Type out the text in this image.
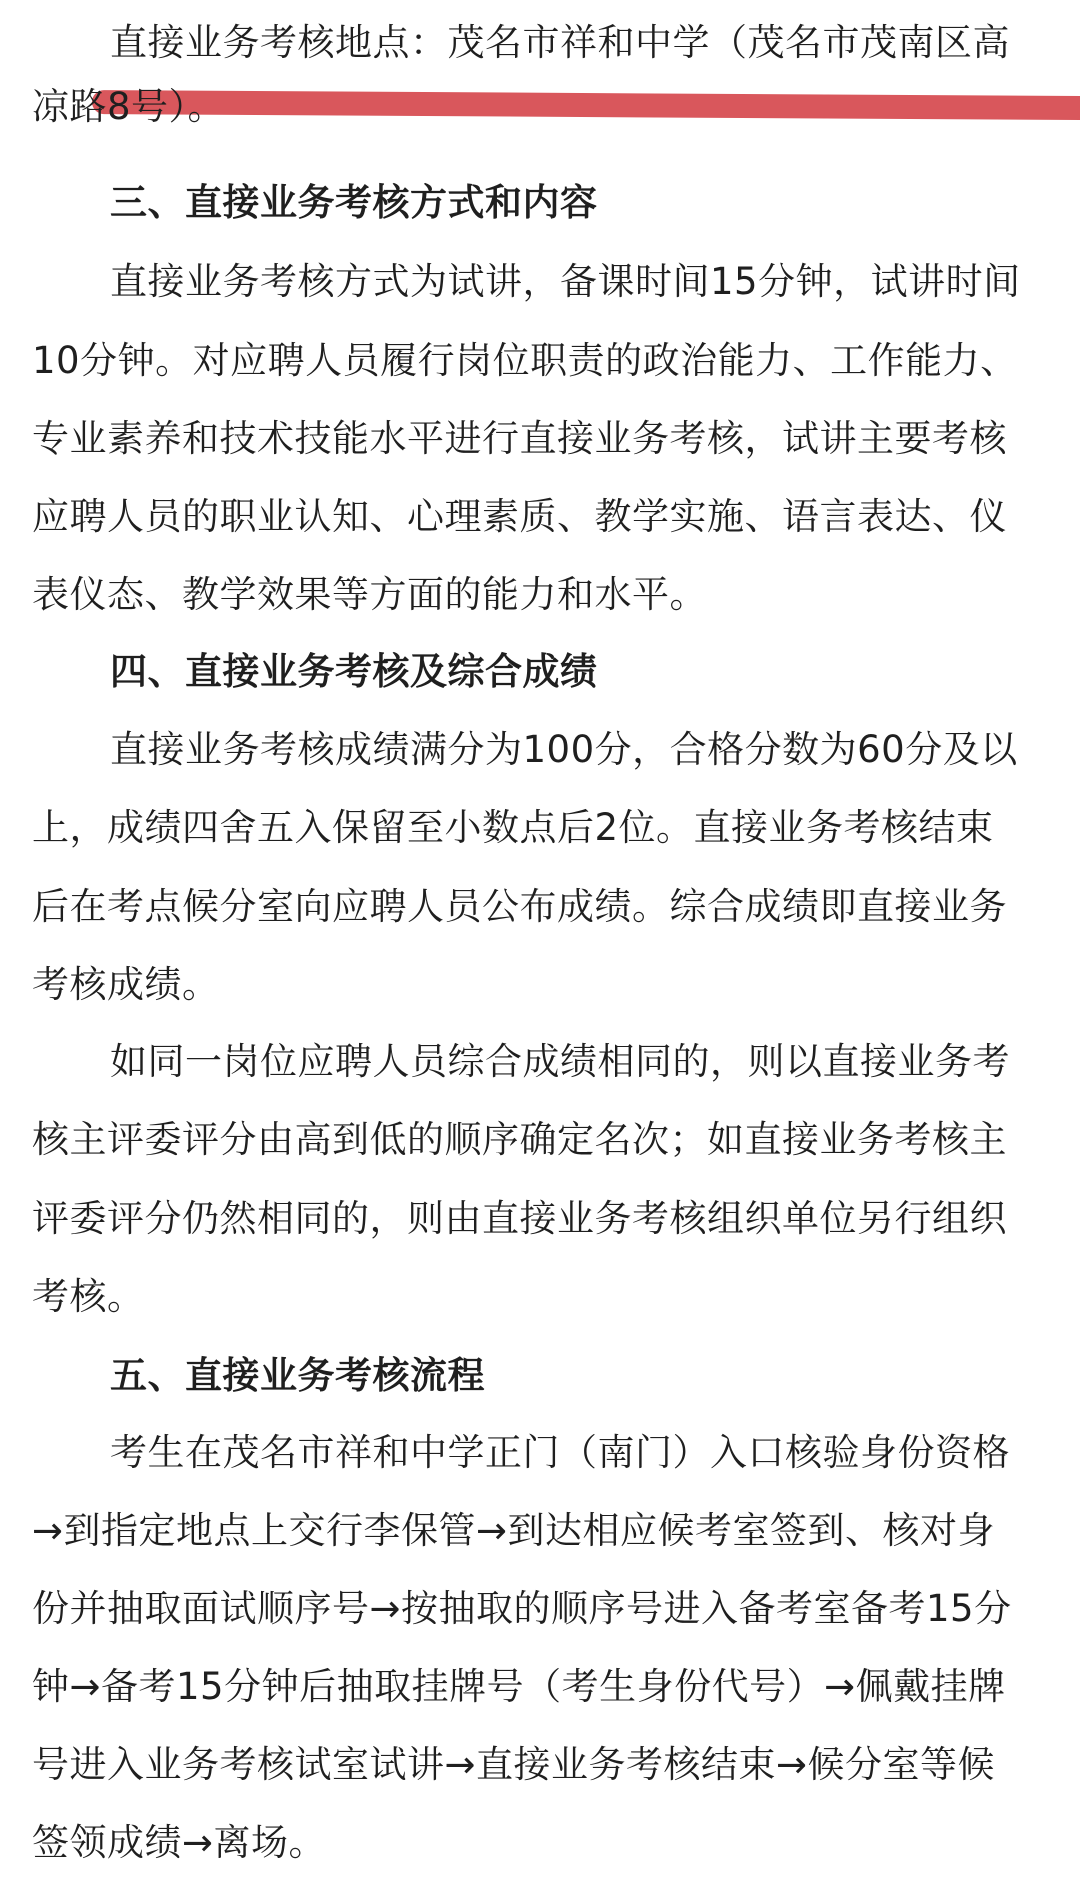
直接业务考核地点：茂名市祥和中学（茂名市茂南区高
凉路8号）。
三、直接业务考核方式和内容
直接业务考核方式为试讲，备课时间15分钟，试讲时间
10分钟。对应聘人员履行岗位职责的政治能力、工作能力、
专业素养和技术技能水平进行直接业务考核，试讲主要考核
应聘人员的职业认知、心理素质、教学实施、语言表达、仪
表仪态、教学效果等方面的能力和水平。
四、直接业务考核及综合成绩
直接业务考核成绩满分为100分，合格分数为60分及以
上，成绩四舍五入保留至小数点后2位。直接业务考核结束
后在考点候分室向应聘人员公布成绩。综合成绩即直接业务
考核成绩。
如同一岗位应聘人员综合成绩相同的，则以直接业务考
核主评委评分由高到低的顺序确定名次；如直接业务考核主
评委评分仍然相同的，则由直接业务考核组织单位另行组织
考核。
五、直接业务考核流程
考生在茂名市祥和中学正门（南门）入口核验身份资格
→到指定地点上交行李保管→到达相应候考室签到、核对身
份并抽取面试顺序号→按抽取的顺序号进入备考室备考15分
钟→备考15分钟后抽取挂牌号（考生身份代号）→佩戴挂牌
号进入业务考核试室试讲→直接业务考核结束→候分室等候
签领成绩→离场。
